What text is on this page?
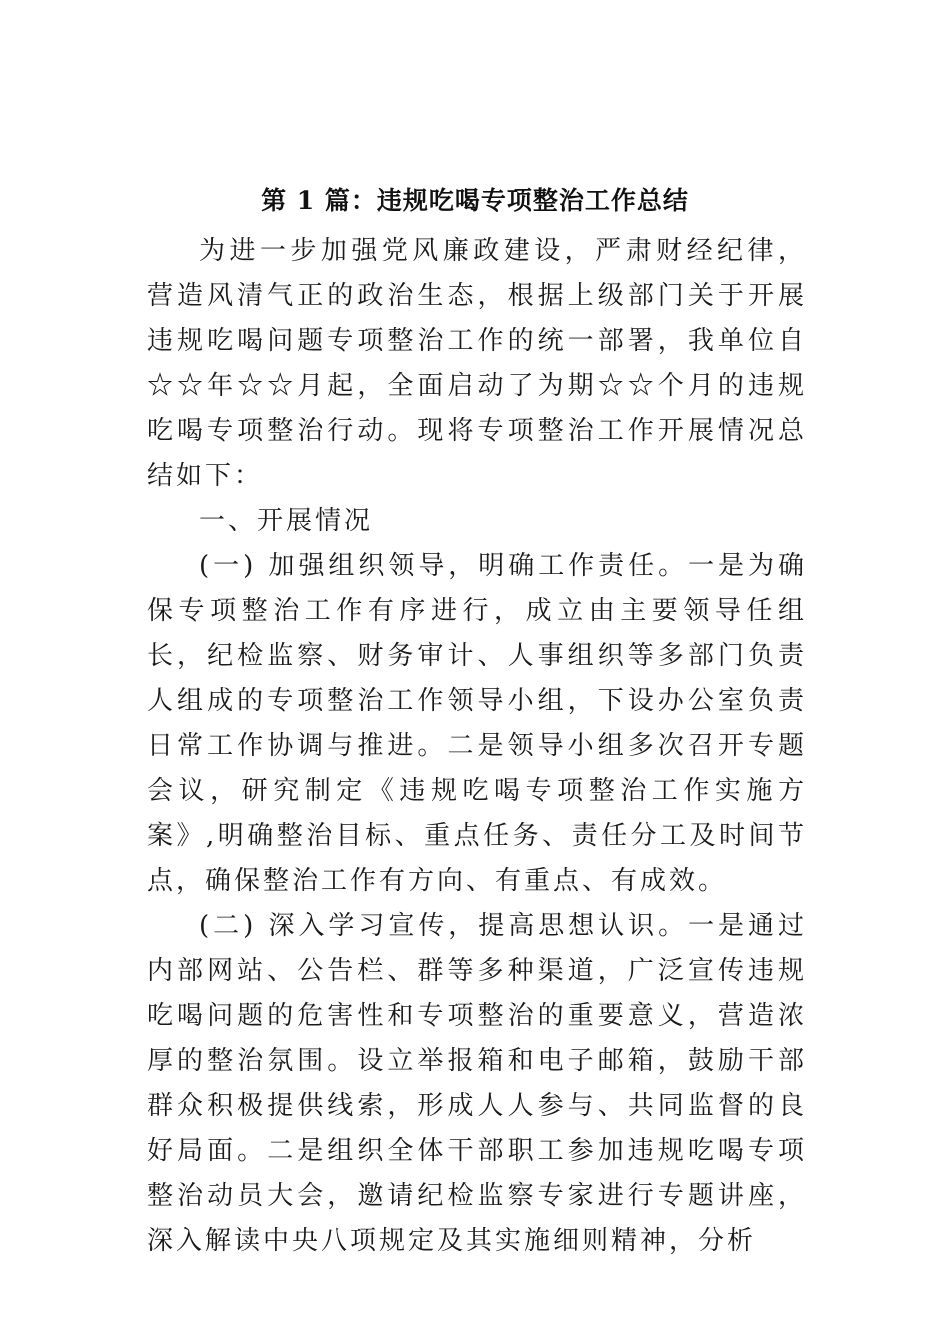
第 1 篇：违规吃喝专项整治工作总结

为进一步加强党风廉政建设，严肃财经纪律，营造风清气正的政治生态，根据上级部门关于开展违规吃喝问题专项整治工作的统一部署，我单位自☆☆年☆☆月起，全面启动了为期☆☆个月的违规吃喝专项整治行动。现将专项整治工作开展情况总结如下：

一、开展情况

(一) 加强组织领导，明确工作责任。一是为确保专项整治工作有序进行，成立由主要领导任组长，纪检监察、财务审计、人事组织等多部门负责人组成的专项整治工作领导小组，下设办公室负责日常工作协调与推进。二是领导小组多次召开专题会议，研究制定《违规吃喝专项整治工作实施方案》,明确整治目标、重点任务、责任分工及时间节点，确保整治工作有方向、有重点、有成效。

(二) 深入学习宣传，提高思想认识。一是通过内部网站、公告栏、群等多种渠道，广泛宣传违规吃喝问题的危害性和专项整治的重要意义，营造浓厚的整治氛围。设立举报箱和电子邮箱，鼓励干部群众积极提供线索，形成人人参与、共同监督的良好局面。二是组织全体干部职工参加违规吃喝专项整治动员大会，邀请纪检监察专家进行专题讲座，深入解读中央八项规定及其实施细则精神，分析
